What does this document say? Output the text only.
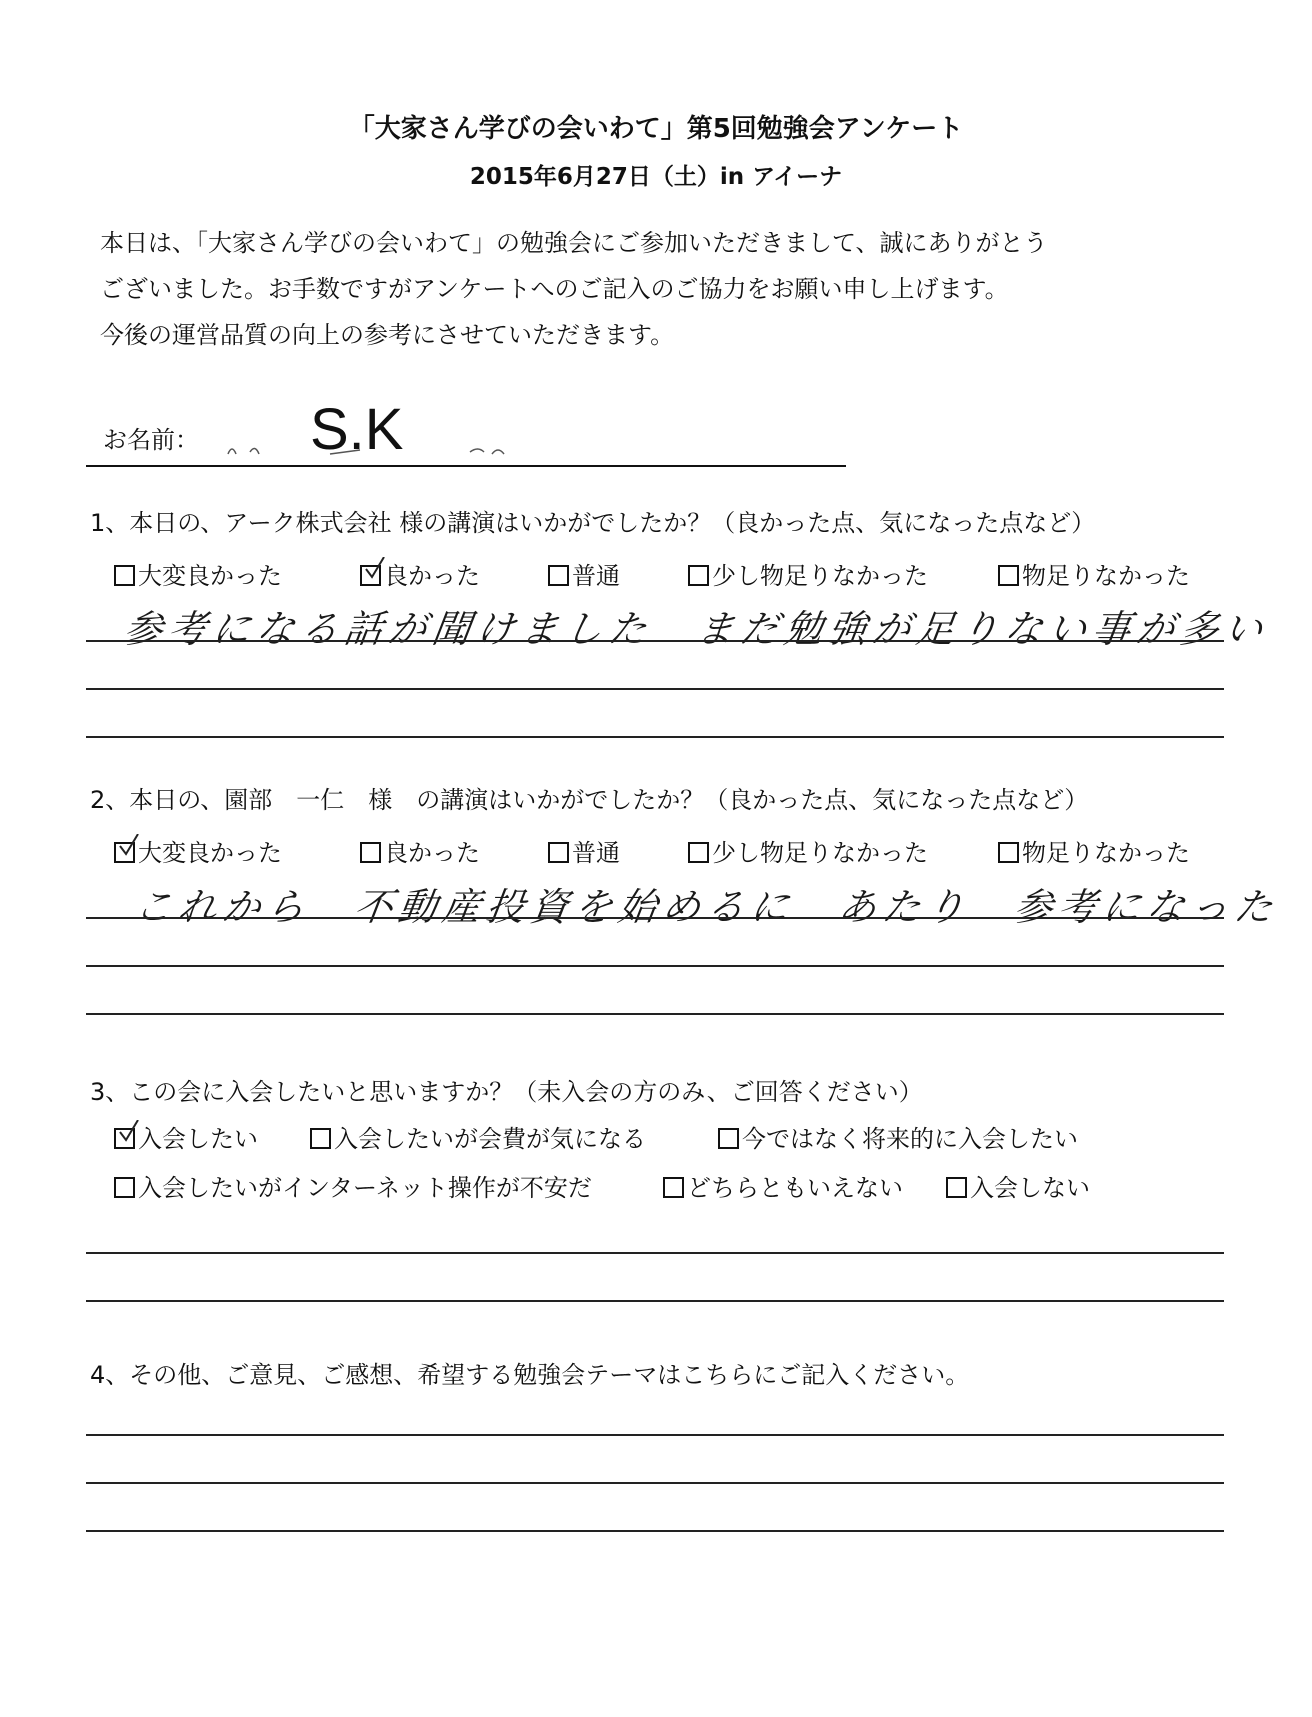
「大家さん学びの会いわて」第5回勉強会アンケート
2015年6月27日（土）in アイーナ
本日は、「大家さん学びの会いわて」の勉強会にご参加いただきまして、誠にありがとう
ございました。お手数ですがアンケートへのご記入のご協力をお願い申し上げます。
今後の運営品質の向上の参考にさせていただきます。
お名前： S.K
1、本日の、アーク株式会社 様の講演はいかがでしたか？（良かった点、気になった点など）
大変良かった	良かった	普通	少し物足りなかった	物足りなかった
参考になる話が聞けました　まだ勉強が足りない事が多い
2、本日の、園部　一仁　様　の講演はいかがでしたか？（良かった点、気になった点など）
大変良かった	良かった	普通	少し物足りなかった	物足りなかった
これから　不動産投資を始めるに　あたり　参考になった
3、この会に入会したいと思いますか？（未入会の方のみ、ご回答ください）
入会したい	入会したいが会費が気になる	今ではなく将来的に入会したい
入会したいがインターネット操作が不安だ	どちらともいえない	入会しない
4、その他、ご意見、ご感想、希望する勉強会テーマはこちらにご記入ください。
